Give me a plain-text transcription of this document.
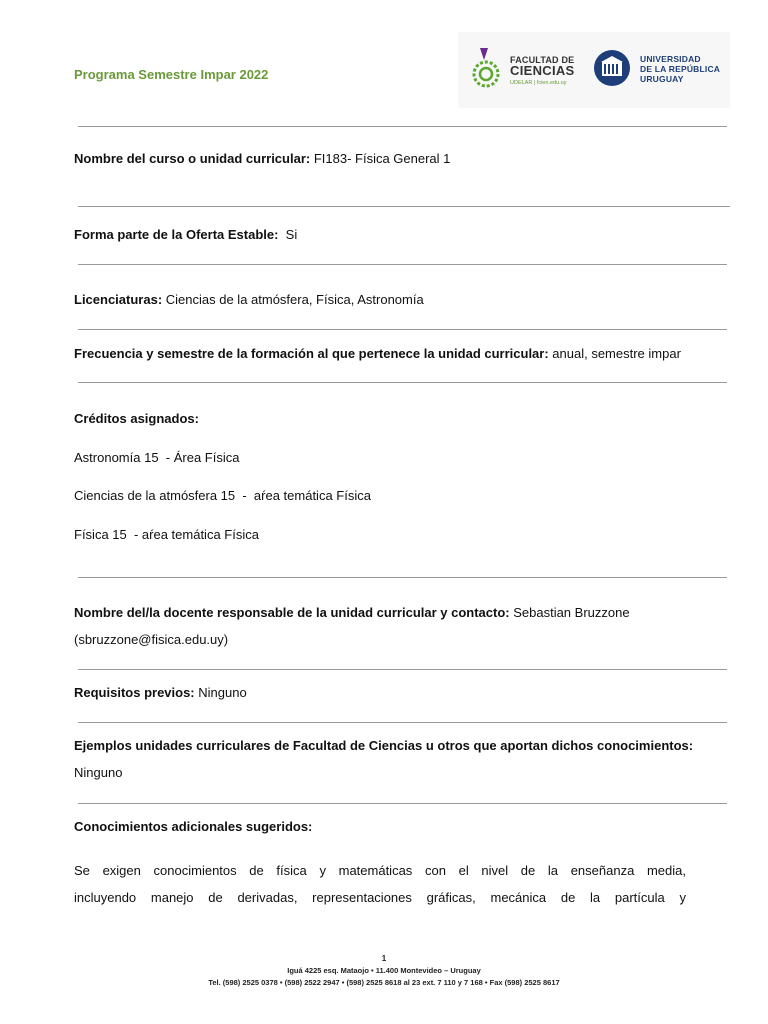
Programa Semestre Impar 2022
FACULTAD DE
CIENCIAS
UDELAR | fcien.edu.uy
UNIVERSIDAD
DE LA REPÚBLICA
URUGUAY
Nombre del curso o unidad curricular: FI183- Física General 1
Forma parte de la Oferta Estable:  Si
Licenciaturas: Ciencias de la atmósfera, Física, Astronomía
Frecuencia y semestre de la formación al que pertenece la unidad curricular: anual, semestre impar
Créditos asignados:
Astronomía 15  - Área Física
Ciencias de la atmósfera 15  -  aŕea temática Física
Física 15  - aŕea temática Física
Nombre del/la docente responsable de la unidad curricular y contacto: Sebastian Bruzzone
(sbruzzone@fisica.edu.uy)
Requisitos previos: Ninguno
Ejemplos unidades curriculares de Facultad de Ciencias u otros que aportan dichos conocimientos:
Ninguno
Conocimientos adicionales sugeridos:
Se exigen conocimientos de física y matemáticas con el nivel de la enseñanza media,
incluyendo manejo de derivadas, representaciones gráficas, mecánica de la partícula y
1
Iguá 4225 esq. Mataojo • 11.400 Montevideo – Uruguay
Tel. (598) 2525 0378 • (598) 2522 2947 • (598) 2525 8618 al 23 ext. 7 110 y 7 168 • Fax (598) 2525 8617
